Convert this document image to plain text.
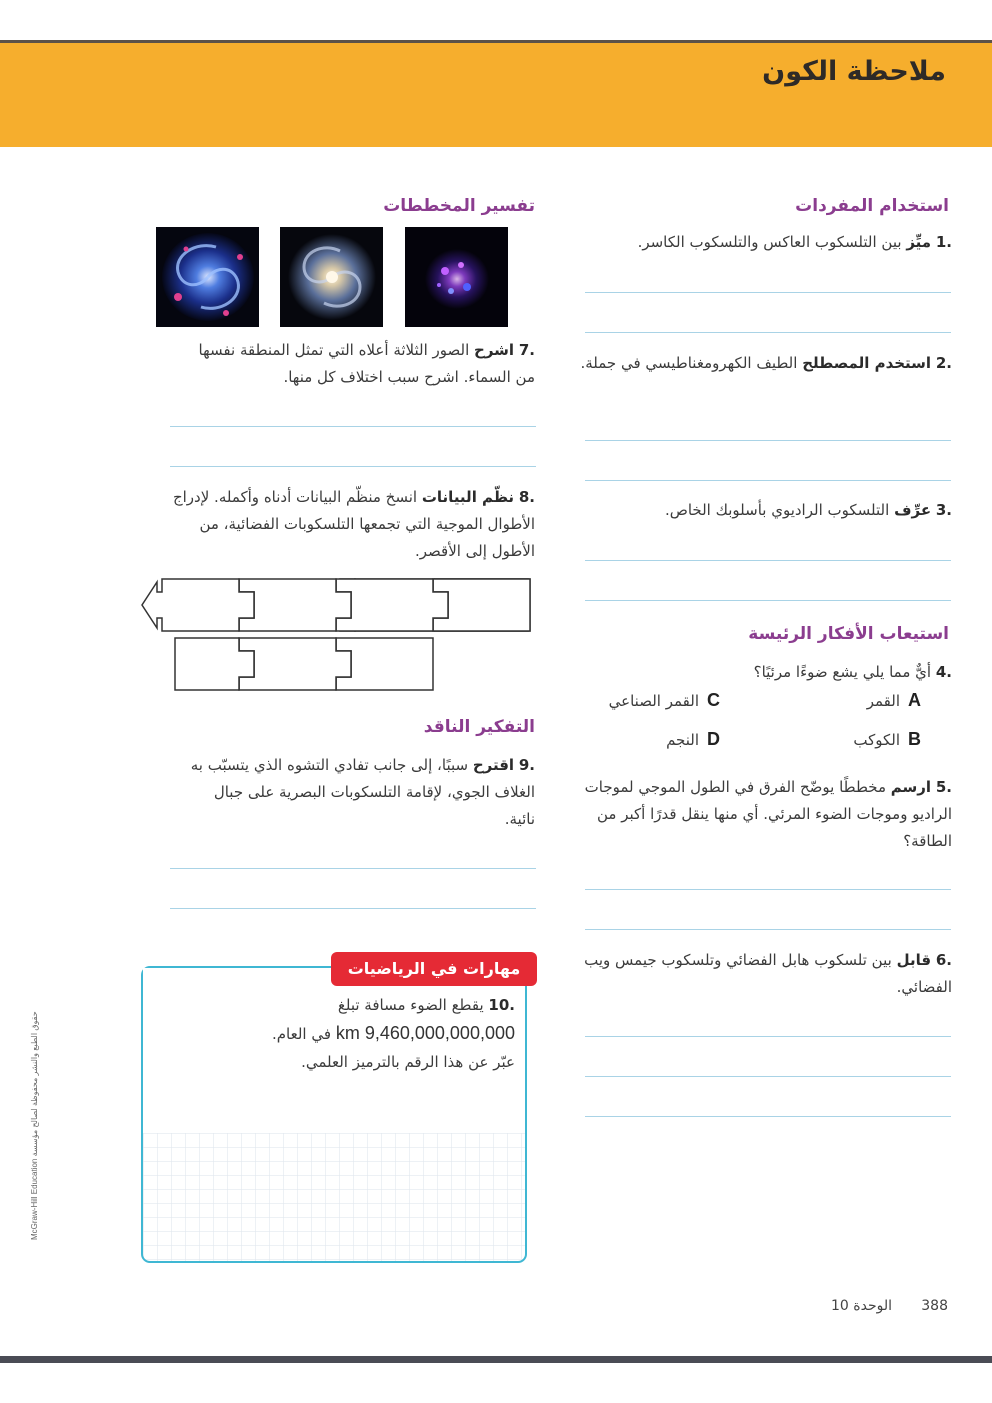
ملاحظة الكون
استخدام المفردات
.1 ميِّز بين التلسكوب العاكس والتلسكوب الكاسر.
.2 استخدم المصطلح الطيف الكهرومغناطيسي في جملة.
.3 عرِّف التلسكوب الراديوي بأسلوبك الخاص.
استيعاب الأفكار الرئيسة
.4 أيٌّ مما يلي يشع ضوءًا مرئيًا؟
Aالقمر
Cالقمر الصناعي
Bالكوكب
Dالنجم
.5 ارسم مخططًا يوضّح الفرق في الطول الموجي لموجات الراديو وموجات الضوء المرئي. أي منها ينقل قدرًا أكبر من الطاقة؟
.6 قابل بين تلسكوب هابل الفضائي وتلسكوب جيمس ويب الفضائي.
تفسير المخططات
.7 اشرح الصور الثلاثة أعلاه التي تمثل المنطقة نفسها من السماء. اشرح سبب اختلاف كل منها.
.8 نظّم البيانات انسخ منظّم البيانات أدناه وأكمله. لإدراج الأطوال الموجية التي تجمعها التلسكوبات الفضائية، من الأطول إلى الأقصر.
التفكير الناقد
.9 اقترح سببًا، إلى جانب تفادي التشوه الذي يتسبّب به الغلاف الجوي، لإقامة التلسكوبات البصرية على جبال نائية.
مهارات في الرياضيات
.10 يقطع الضوء مسافة تبلغ
9,460,000,000,000 km في العام.
عبّر عن هذا الرقم بالترميز العلمي.
McGraw-Hill Education حقوق الطبع والنشر محفوظة لصالح مؤسسة
388
الوحدة 10
